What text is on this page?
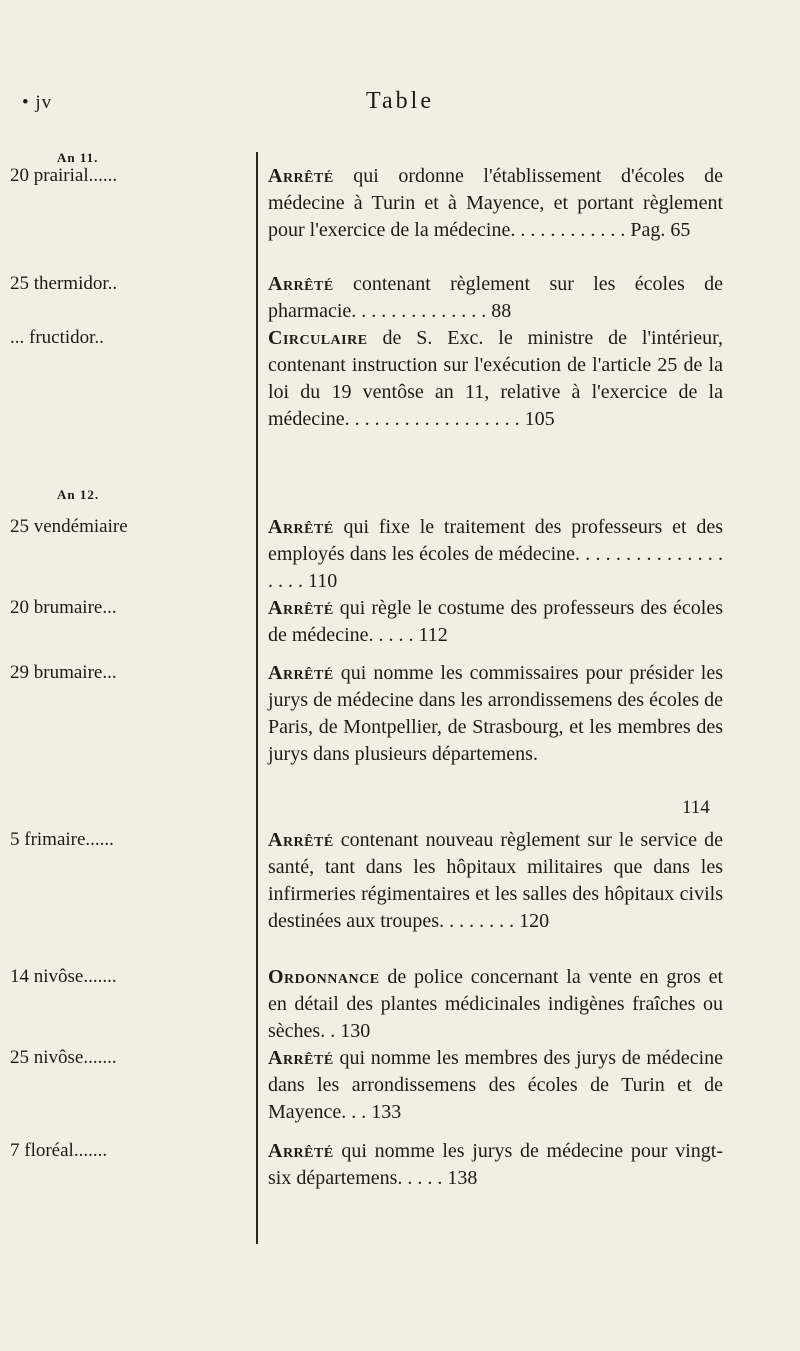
• jv	Table
An 11.
An 12.
20 prairial......	Arrêté qui ordonne l'établissement d'écoles de médecine à Turin et à Mayence, et portant règlement pour l'exercice de la médecine. . . . . . . . . . . . Pag. 65
25 thermidor..	Arrêté contenant règlement sur les écoles de pharmacie. . . . . . . . . . . . . . 88
... fructidor..	Circulaire de S. Exc. le ministre de l'intérieur, contenant instruction sur l'exécution de l'article 25 de la loi du 19 ventôse an 11, relative à l'exercice de la médecine. . . . . . . . . . . . . . . . . . 105
25 vendémiaire	Arrêté qui fixe le traitement des professeurs et des employés dans les écoles de médecine. . . . . . . . . . . . . . . . . . . 110
20 brumaire...	Arrêté qui règle le costume des professeurs des écoles de médecine. . . . . 112
29 brumaire...	Arrêté qui nomme les commissaires pour présider les jurys de médecine dans les arrondissemens des écoles de Paris, de Montpellier, de Strasbourg, et les membres des jurys dans plusieurs départemens.
114
5 frimaire......	Arrêté contenant nouveau règlement sur le service de santé, tant dans les hôpitaux militaires que dans les infirmeries régimentaires et les salles des hôpitaux civils destinées aux troupes. . . . . . . . 120
14 nivôse.......	Ordonnance de police concernant la vente en gros et en détail des plantes médicinales indigènes fraîches ou sèches. . 130
25 nivôse.......	Arrêté qui nomme les membres des jurys de médecine dans les arrondissemens des écoles de Turin et de Mayence. . . 133
7 floréal.......	Arrêté qui nomme les jurys de médecine pour vingt-six départemens. . . . . 138
